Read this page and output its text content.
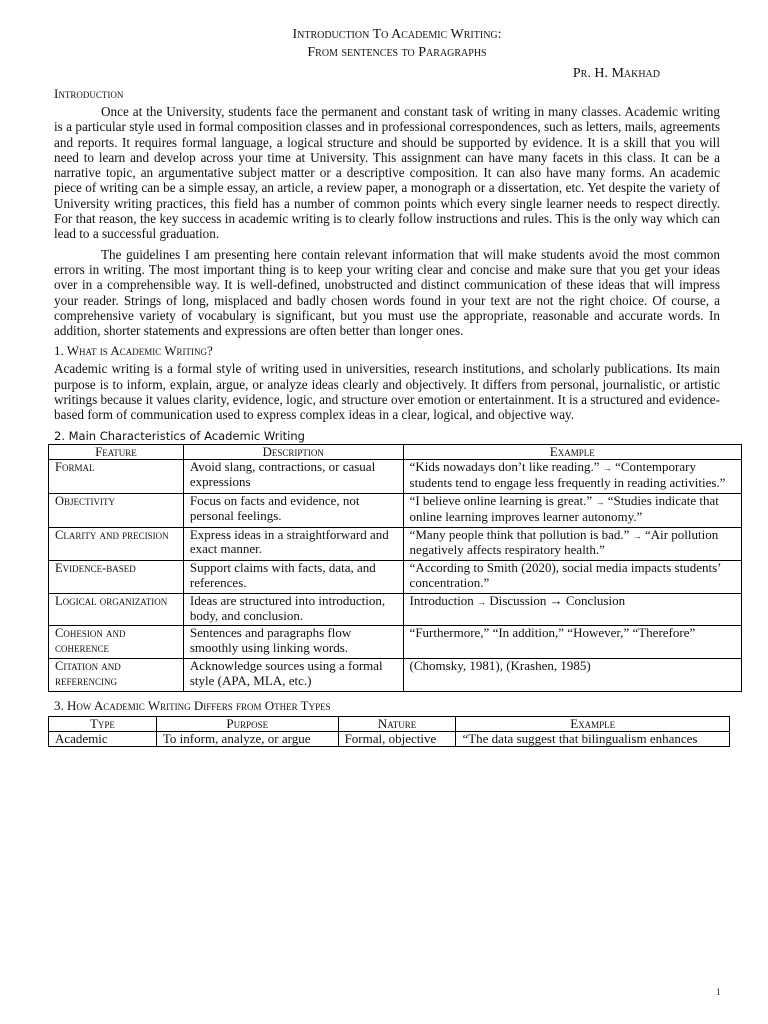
Introduction To Academic Writing:
From sentences to Paragraphs
Pr. H. Makhad
Introduction

Once at the University, students face the permanent and constant task of writing in many classes. Academic writing is a particular style used in formal composition classes and in professional correspondences, such as letters, mails, agreements and reports. It requires formal language, a logical structure and should be supported by evidence. It is a skill that you will need to learn and develop across your time at University. This assignment can have many facets in this class. It can be a narrative topic, an argumentative subject matter or a descriptive composition. It can also have many forms. An academic piece of writing can be a simple essay, an article, a review paper, a monograph or a dissertation, etc. Yet despite the variety of University writing practices, this field has a number of common points which every single learner needs to respect directly. For that reason, the key success in academic writing is to clearly follow instructions and rules. This is the only way which can lead to a successful graduation.

The guidelines I am presenting here contain relevant information that will make students avoid the most common errors in writing. The most important thing is to keep your writing clear and concise and make sure that you get your ideas over in a comprehensible way. It is well-defined, unobstructed and distinct communication of these ideas that will impress your reader. Strings of long, misplaced and badly chosen words found in your text are not the right choice. Of course, a comprehensive variety of vocabulary is significant, but you must use the appropriate, reasonable and accurate words. In addition, shorter statements and expressions are often better than longer ones.

1. What is Academic Writing?

Academic writing is a formal style of writing used in universities, research institutions, and scholarly publications. Its main purpose is to inform, explain, argue, or analyze ideas clearly and objectively. It differs from personal, journalistic, or artistic writings because it values clarity, evidence, logic, and structure over emotion or entertainment. It is a structured and evidence-based form of communication used to express complex ideas in a clear, logical, and objective way.

2. Main Characteristics of Academic Writing
Feature	Description	Example
Formal	Avoid slang, contractions, or casual expressions	“Kids nowadays don’t like reading.” → “Contemporary students tend to engage less frequently in reading activities.”
Objectivity	Focus on facts and evidence, not personal feelings.	“I believe online learning is great.” → “Studies indicate that online learning improves learner autonomy.”
Clarity and precision	Express ideas in a straightforward and exact manner.	“Many people think that pollution is bad.” → “Air pollution negatively affects respiratory health.”
Evidence-based	Support claims with facts, data, and references.	“According to Smith (2020), social media impacts students’ concentration.”
Logical organization	Ideas are structured into introduction, body, and conclusion.	Introduction → Discussion → Conclusion
Cohesion and coherence	Sentences and paragraphs flow smoothly using linking words.	“Furthermore,” “In addition,” “However,” “Therefore”
Citation and referencing	Acknowledge sources using a formal style (APA, MLA, etc.)	(Chomsky, 1981), (Krashen, 1985)
3. How Academic Writing Differs from Other Types
Type	Purpose	Nature	Example
Academic	To inform, analyze, or argue	Formal, objective	“The data suggest that bilingualism enhances
1
